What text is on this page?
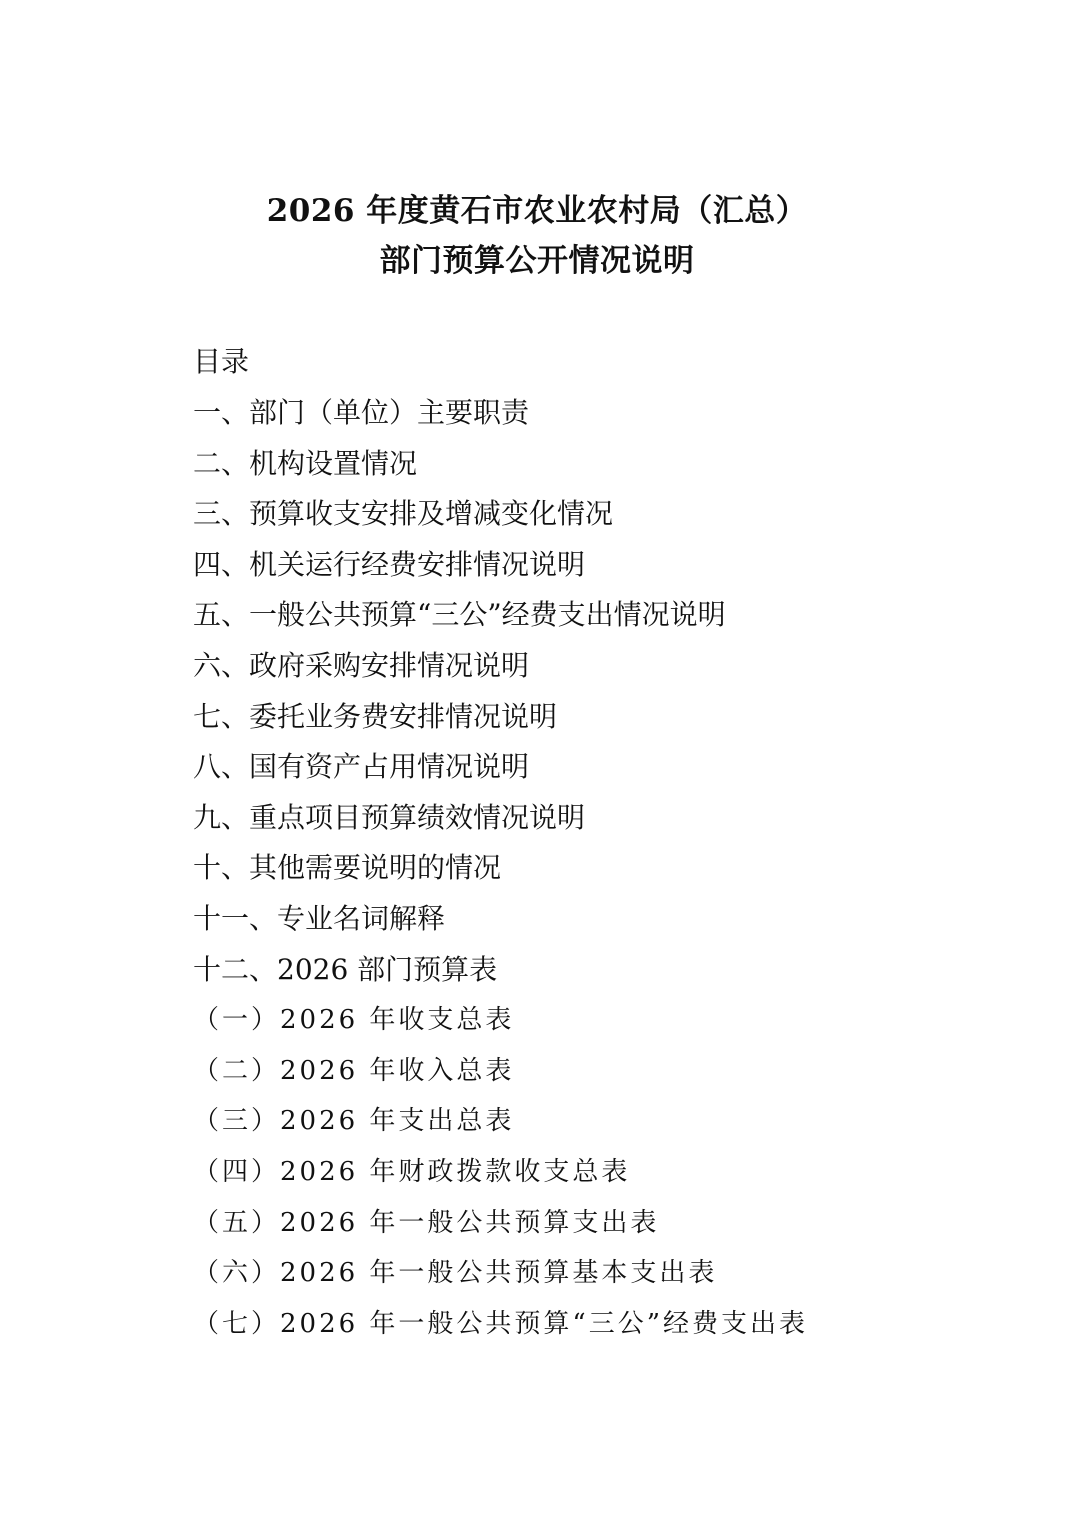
2026 年度黄石市农业农村局（汇总）
部门预算公开情况说明
目录
一、部门（单位）主要职责
二、机构设置情况
三、预算收支安排及增减变化情况
四、机关运行经费安排情况说明
五、一般公共预算“三公”经费支出情况说明
六、政府采购安排情况说明
七、委托业务费安排情况说明
八、国有资产占用情况说明
九、重点项目预算绩效情况说明
十、其他需要说明的情况
十一、专业名词解释
十二、2026 部门预算表
（一）2026 年收支总表
（二）2026 年收入总表
（三）2026 年支出总表
（四）2026 年财政拨款收支总表
（五）2026 年一般公共预算支出表
（六）2026 年一般公共预算基本支出表
（七）2026 年一般公共预算“三公”经费支出表
